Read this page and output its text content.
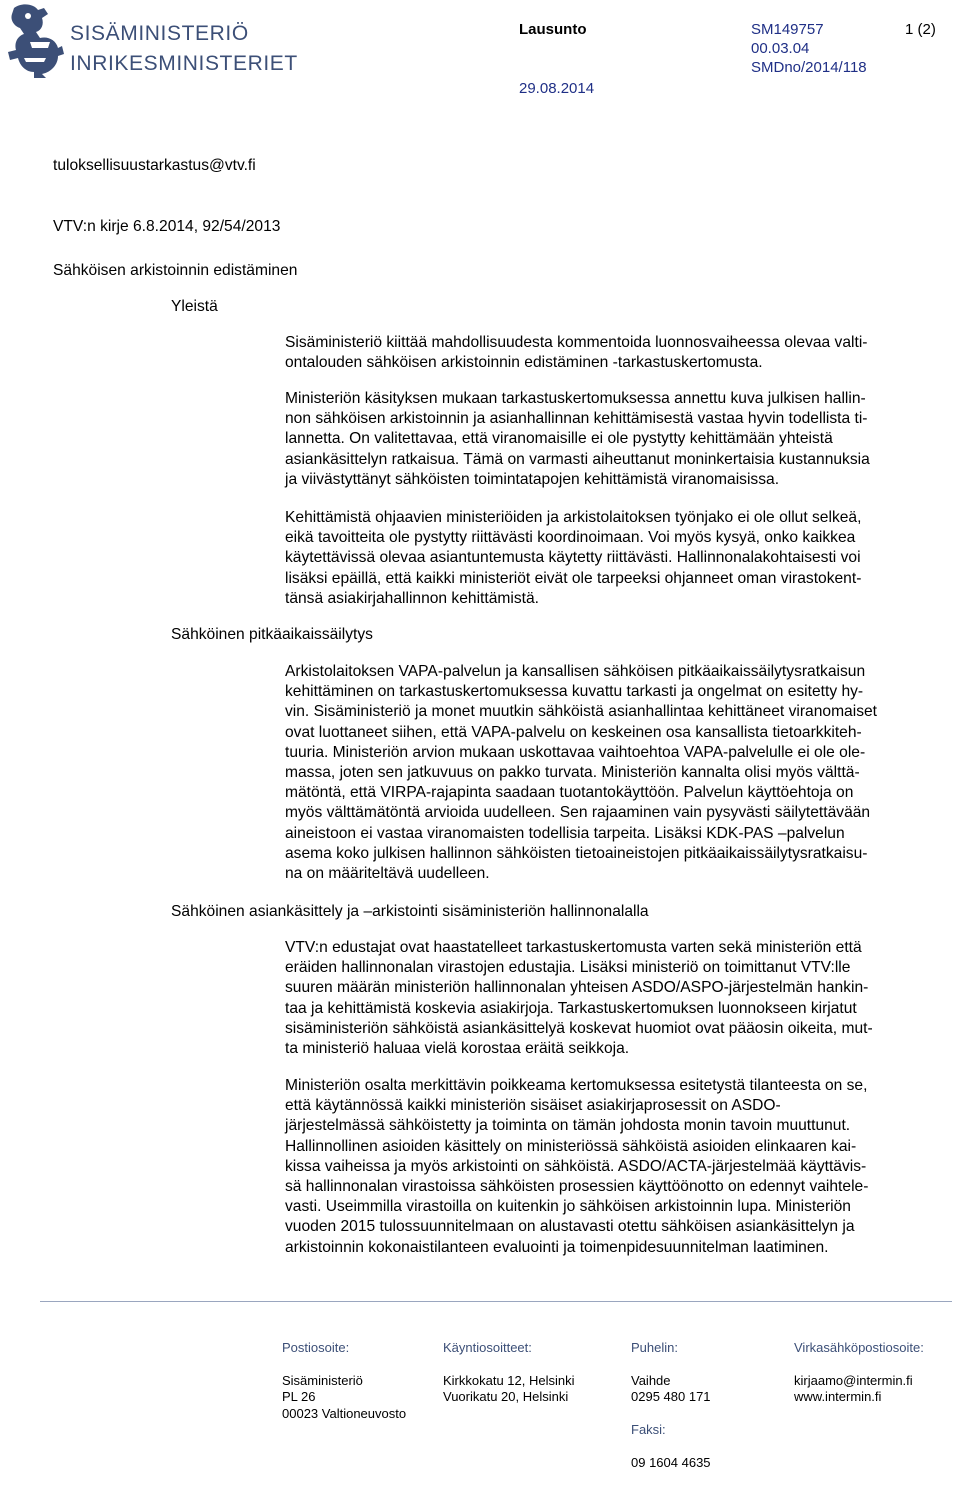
SISÄMINISTERIÖ
INRIKESMINISTERIET
Lausunto	SM149757	1 (2)
00.03.04
SMDno/2014/118
29.08.2014
tuloksellisuustarkastus@vtv.fi
VTV:n kirje 6.8.2014, 92/54/2013
Sähköisen arkistoinnin edistäminen
Yleistä
Sisäministeriö kiittää mahdollisuudesta kommentoida luonnosvaiheessa olevaa valti-
ontalouden sähköisen arkistoinnin edistäminen -tarkastuskertomusta.
Ministeriön käsityksen mukaan tarkastuskertomuksessa annettu kuva julkisen hallin-
non sähköisen arkistoinnin ja asianhallinnan kehittämisestä vastaa hyvin todellista ti-
lannetta. On valitettavaa, että viranomaisille ei ole pystytty kehittämään yhteistä
asiankäsittelyn ratkaisua. Tämä on varmasti aiheuttanut moninkertaisia kustannuksia
ja viivästyttänyt sähköisten toimintatapojen kehittämistä viranomaisissa.
Kehittämistä ohjaavien ministeriöiden ja arkistolaitoksen työnjako ei ole ollut selkeä,
eikä tavoitteita ole pystytty riittävästi koordinoimaan. Voi myös kysyä, onko kaikkea
käytettävissä olevaa asiantuntemusta käytetty riittävästi. Hallinnonalakohtaisesti voi
lisäksi epäillä, että kaikki ministeriöt eivät ole tarpeeksi ohjanneet oman virastokent-
tänsä asiakirjahallinnon kehittämistä.
Sähköinen pitkäaikaissäilytys
Arkistolaitoksen VAPA-palvelun ja kansallisen sähköisen pitkäaikaissäilytysratkaisun
kehittäminen on tarkastuskertomuksessa kuvattu tarkasti ja ongelmat on esitetty hy-
vin. Sisäministeriö ja monet muutkin sähköistä asianhallintaa kehittäneet viranomaiset
ovat luottaneet siihen, että VAPA-palvelu on keskeinen osa kansallista tietoarkkiteh-
tuuria. Ministeriön arvion mukaan uskottavaa vaihtoehtoa VAPA-palvelulle ei ole ole-
massa, joten sen jatkuvuus on pakko turvata. Ministeriön kannalta olisi myös välttä-
mätöntä, että VIRPA-rajapinta saadaan tuotantokäyttöön. Palvelun käyttöehtoja on
myös välttämätöntä arvioida uudelleen. Sen rajaaminen vain pysyvästi säilytettävään
aineistoon ei vastaa viranomaisten todellisia tarpeita. Lisäksi KDK-PAS –palvelun
asema koko julkisen hallinnon sähköisten tietoaineistojen pitkäaikaissäilytysratkaisu-
na on määriteltävä uudelleen.
Sähköinen asiankäsittely ja –arkistointi sisäministeriön hallinnonalalla
VTV:n edustajat ovat haastatelleet tarkastuskertomusta varten sekä ministeriön että
eräiden hallinnonalan virastojen edustajia. Lisäksi ministeriö on toimittanut VTV:lle
suuren määrän ministeriön hallinnonalan yhteisen ASDO/ASPO-järjestelmän hankin-
taa ja kehittämistä koskevia asiakirjoja. Tarkastuskertomuksen luonnokseen kirjatut
sisäministeriön sähköistä asiankäsittelyä koskevat huomiot ovat pääosin oikeita, mut-
ta ministeriö haluaa vielä korostaa eräitä seikkoja.
Ministeriön osalta merkittävin poikkeama kertomuksessa esitetystä tilanteesta on se,
että käytännössä kaikki ministeriön sisäiset asiakirjaprosessit on ASDO-
järjestelmässä sähköistetty ja toiminta on tämän johdosta monin tavoin muuttunut.
Hallinnollinen asioiden käsittely on ministeriössä sähköistä asioiden elinkaaren kai-
kissa vaiheissa ja myös arkistointi on sähköistä. ASDO/ACTA-järjestelmää käyttävis-
sä hallinnonalan virastoissa sähköisten prosessien käyttöönotto on edennyt vaihtele-
vasti. Useimmilla virastoilla on kuitenkin jo sähköisen arkistoinnin lupa. Ministeriön
vuoden 2015 tulossuunnitelmaan on alustavasti otettu sähköisen asiankäsittelyn ja
arkistoinnin kokonaistilanteen evaluointi ja toimenpidesuunnitelman laatiminen.

Postiosoite:

Sisäministeriö
PL 26
00023 Valtioneuvosto

Käyntiosoitteet:

Kirkkokatu 12, Helsinki
Vuorikatu 20, Helsinki

Puhelin:

Vaihde
0295 480 171

Faksi:

09 1604 4635

Virkasähköpostiosoite:

kirjaamo@intermin.fi
www.intermin.fi
